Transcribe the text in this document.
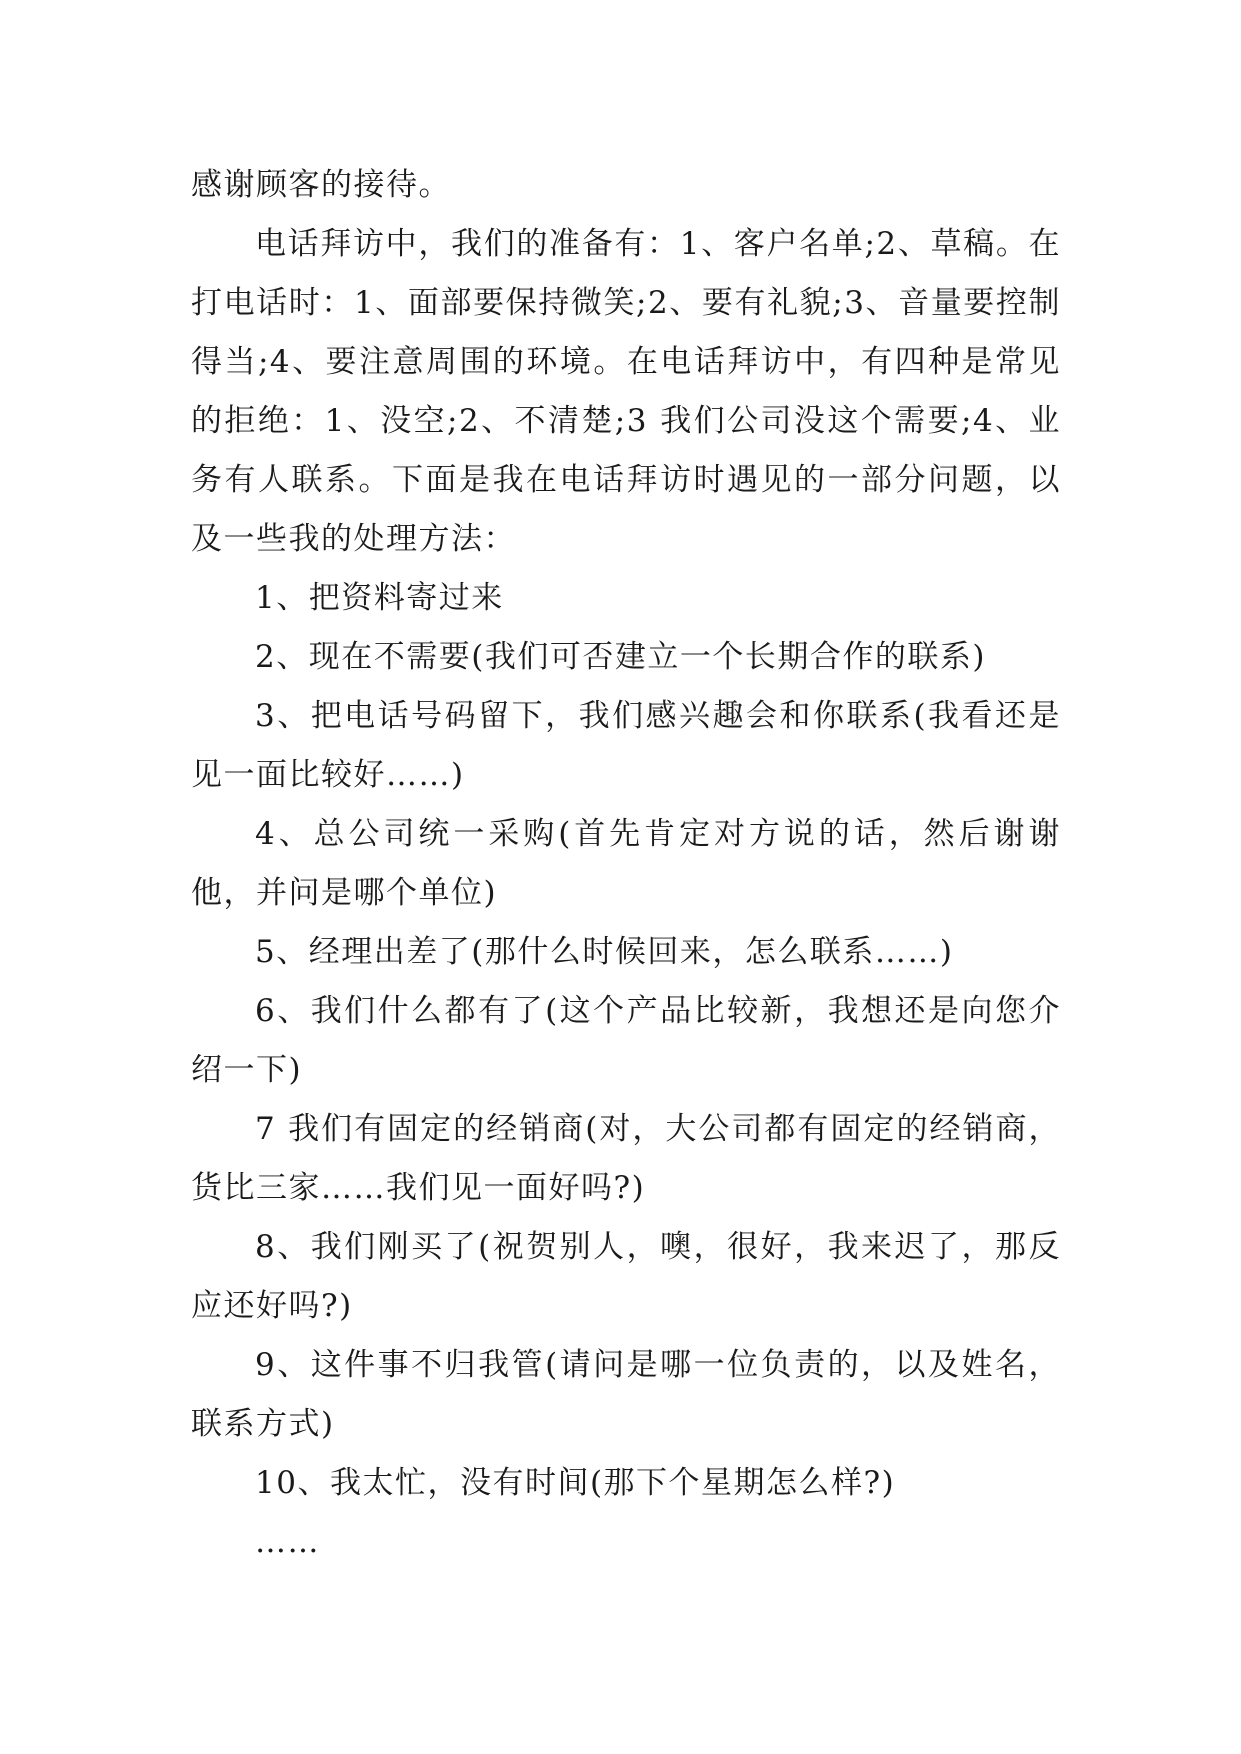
感谢顾客的接待。

电话拜访中，我们的准备有：1、客户名单;2、草稿。在打电话时：1、面部要保持微笑;2、要有礼貌;3、音量要控制得当;4、要注意周围的环境。在电话拜访中，有四种是常见的拒绝：1、没空;2、不清楚;3 我们公司没这个需要;4、业务有人联系。下面是我在电话拜访时遇见的一部分问题，以及一些我的处理方法：

1、把资料寄过来

2、现在不需要(我们可否建立一个长期合作的联系)

3、把电话号码留下，我们感兴趣会和你联系(我看还是见一面比较好……)

4、总公司统一采购(首先肯定对方说的话，然后谢谢他，并问是哪个单位)

5、经理出差了(那什么时候回来，怎么联系……)

6、我们什么都有了(这个产品比较新，我想还是向您介绍一下)

7 我们有固定的经销商(对，大公司都有固定的经销商，货比三家……我们见一面好吗?)

8、我们刚买了(祝贺别人，噢，很好，我来迟了，那反应还好吗?)

9、这件事不归我管(请问是哪一位负责的，以及姓名，联系方式)

10、我太忙，没有时间(那下个星期怎么样?)

……
